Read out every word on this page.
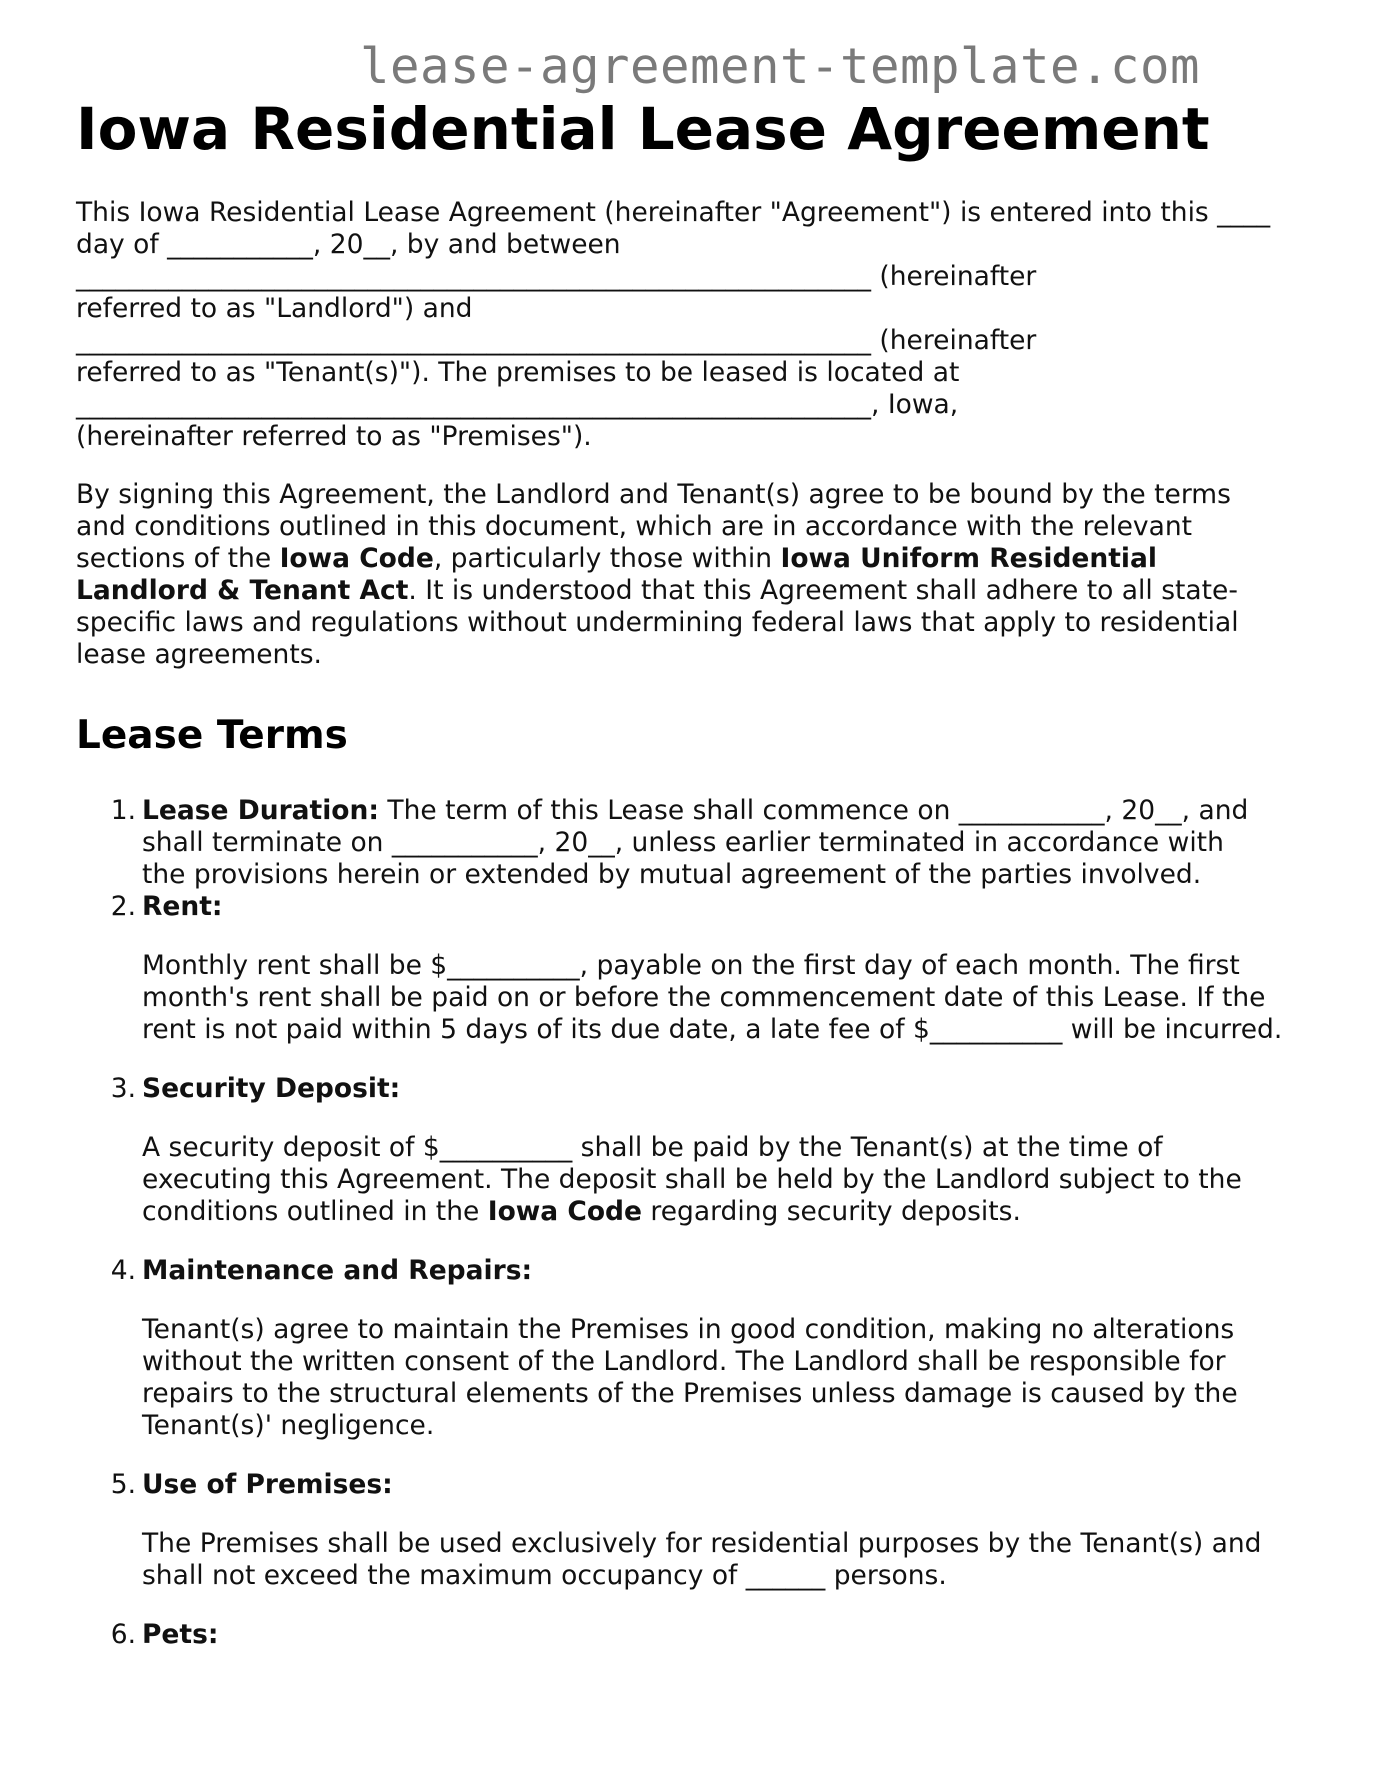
lease-agreement-template.com
Iowa Residential Lease Agreement
This Iowa Residential Lease Agreement (hereinafter "Agreement") is entered into this ____
day of ___________, 20__, by and between
____________________________________________________________ (hereinafter
referred to as "Landlord") and
____________________________________________________________ (hereinafter
referred to as "Tenant(s)"). The premises to be leased is located at
____________________________________________________________, Iowa,
(hereinafter referred to as "Premises").
By signing this Agreement, the Landlord and Tenant(s) agree to be bound by the terms
and conditions outlined in this document, which are in accordance with the relevant
sections of the Iowa Code, particularly those within Iowa Uniform Residential
Landlord & Tenant Act. It is understood that this Agreement shall adhere to all state-
specific laws and regulations without undermining federal laws that apply to residential
lease agreements.
Lease Terms
1. Lease Duration: The term of this Lease shall commence on ___________, 20__, and
shall terminate on ___________, 20__, unless earlier terminated in accordance with
the provisions herein or extended by mutual agreement of the parties involved.
2. Rent:
Monthly rent shall be $__________, payable on the first day of each month. The first
month's rent shall be paid on or before the commencement date of this Lease. If the
rent is not paid within 5 days of its due date, a late fee of $__________ will be incurred.
3. Security Deposit:
A security deposit of $__________ shall be paid by the Tenant(s) at the time of
executing this Agreement. The deposit shall be held by the Landlord subject to the
conditions outlined in the Iowa Code regarding security deposits.
4. Maintenance and Repairs:
Tenant(s) agree to maintain the Premises in good condition, making no alterations
without the written consent of the Landlord. The Landlord shall be responsible for
repairs to the structural elements of the Premises unless damage is caused by the
Tenant(s)' negligence.
5. Use of Premises:
The Premises shall be used exclusively for residential purposes by the Tenant(s) and
shall not exceed the maximum occupancy of ______ persons.
6. Pets:
